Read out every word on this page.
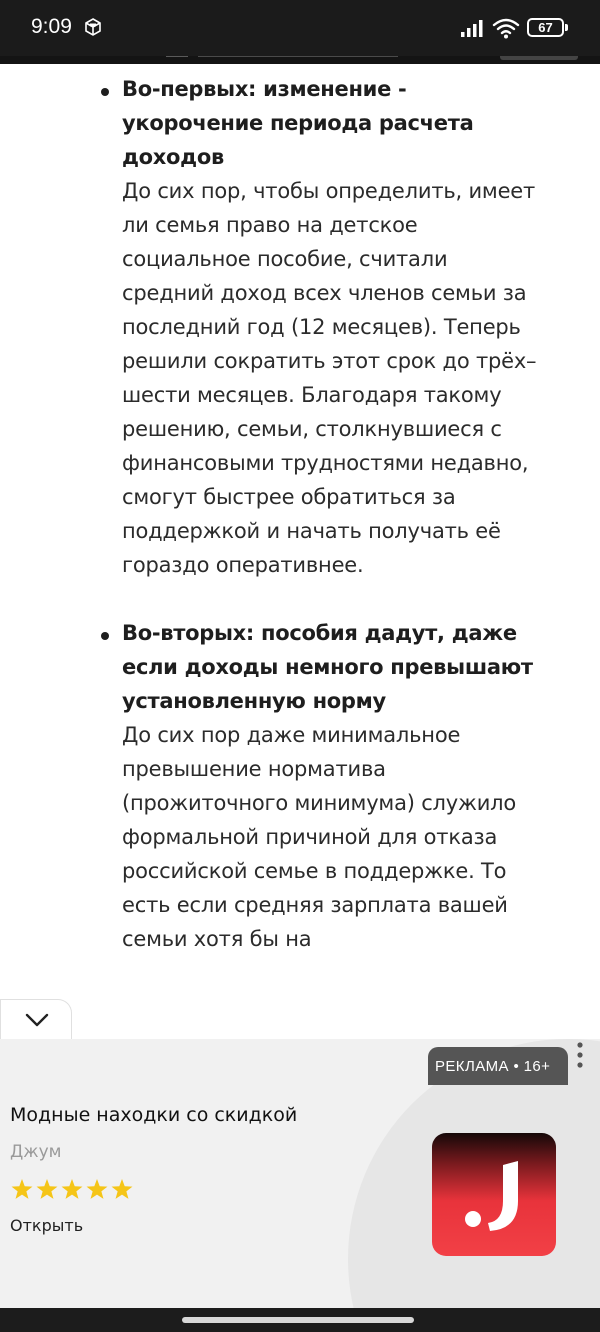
9:09	67
Во-первых: изменение - укорочение периода расчета доходов
До сих пор, чтобы определить, имеет ли семья право на детское социальное пособие, считали средний доход всех членов семьи за последний год (12 месяцев). Теперь решили сократить этот срок до трёх–шести месяцев. Благодаря такому решению, семьи, столкнувшиеся с финансовыми трудностями недавно, смогут быстрее обратиться за поддержкой и начать получать её гораздо оперативнее.
Во-вторых: пособия дадут, даже если доходы немного превышают установленную норму
До сих пор даже минимальное превышение норматива (прожиточного минимума) служило формальной причиной для отказа российской семье в поддержке. То есть если средняя зарплата вашей семьи хотя бы на
РЕКЛАМА • 16+
Модные находки со скидкой
Джум
Открыть
